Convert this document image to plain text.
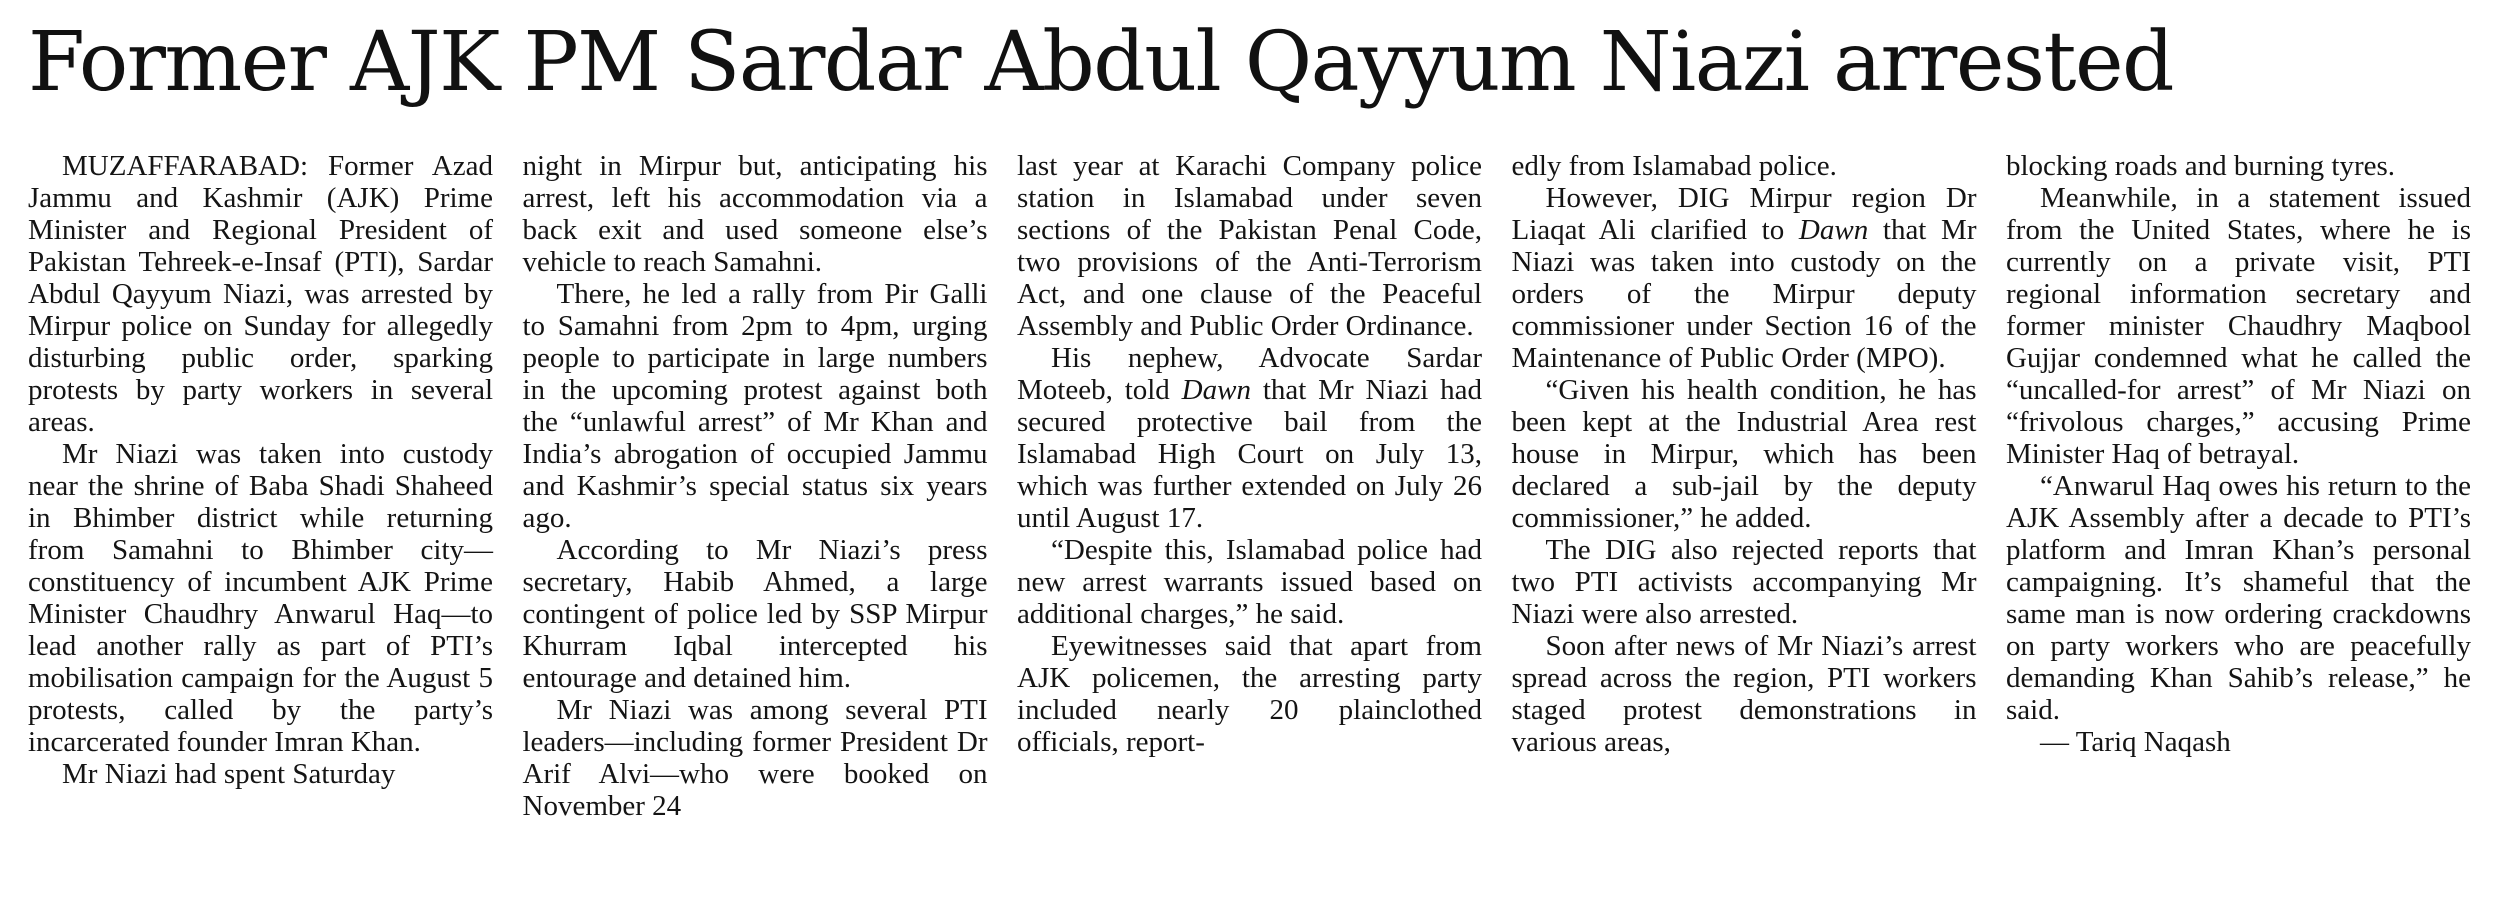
Former AJK PM Sardar Abdul Qayyum Niazi arrested

MUZAFFARABAD: Former Azad Jammu and Kashmir (AJK) Prime Minister and Regional President of Pakistan Tehreek-e-Insaf (PTI), Sardar Abdul Qayyum Niazi, was arrested by Mirpur police on Sunday for allegedly disturbing public order, sparking protests by party workers in several areas.

Mr Niazi was taken into custody near the shrine of Baba Shadi Shaheed in Bhimber district while returning from Samahni to Bhimber city—constituency of incumbent AJK Prime Minister Chaudhry Anwarul Haq—to lead another rally as part of PTI’s mobilisation campaign for the August 5 protests, called by the party’s incarcerated founder Imran Khan.

Mr Niazi had spent Saturday

night in Mirpur but, anticipating his arrest, left his accommodation via a back exit and used someone else’s vehicle to reach Samahni.

There, he led a rally from Pir Galli to Samahni from 2pm to 4pm, urging people to participate in large numbers in the upcoming protest against both the “unlawful arrest” of Mr Khan and India’s abrogation of occupied Jammu and Kashmir’s special status six years ago.

According to Mr Niazi’s press secretary, Habib Ahmed, a large contingent of police led by SSP Mirpur Khurram Iqbal intercepted his entourage and detained him.

Mr Niazi was among several PTI leaders—including former President Dr Arif Alvi—who were booked on November 24

last year at Karachi Company police station in Islamabad under seven sections of the Pakistan Penal Code, two provisions of the Anti-Terrorism Act, and one clause of the Peaceful Assembly and Public Order Ordinance.

His nephew, Advocate Sardar Moteeb, told Dawn that Mr Niazi had secured protective bail from the Islamabad High Court on July 13, which was further extended on July 26 until August 17.

“Despite this, Islamabad police had new arrest warrants issued based on additional charges,” he said.

Eyewitnesses said that apart from AJK policemen, the arresting party included nearly 20 plainclothed officials, report-

edly from Islamabad police.

However, DIG Mirpur region Dr Liaqat Ali clarified to Dawn that Mr Niazi was taken into custody on the orders of the Mirpur deputy commissioner under Section 16 of the Maintenance of Public Order (MPO).

“Given his health condition, he has been kept at the Industrial Area rest house in Mirpur, which has been declared a sub-jail by the deputy commissioner,” he added.

The DIG also rejected reports that two PTI activists accompanying Mr Niazi were also arrested.

Soon after news of Mr Niazi’s arrest spread across the region, PTI workers staged protest demonstrations in various areas,

blocking roads and burning tyres.

Meanwhile, in a statement issued from the United States, where he is currently on a private visit, PTI regional information secretary and former minister Chaudhry Maqbool Gujjar condemned what he called the “uncalled-for arrest” of Mr Niazi on “frivolous charges,” accusing Prime Minister Haq of betrayal.

“Anwarul Haq owes his return to the AJK Assembly after a decade to PTI’s platform and Imran Khan’s personal campaigning. It’s shameful that the same man is now ordering crackdowns on party workers who are peacefully demanding Khan Sahib’s release,” he said.

— Tariq Naqash
